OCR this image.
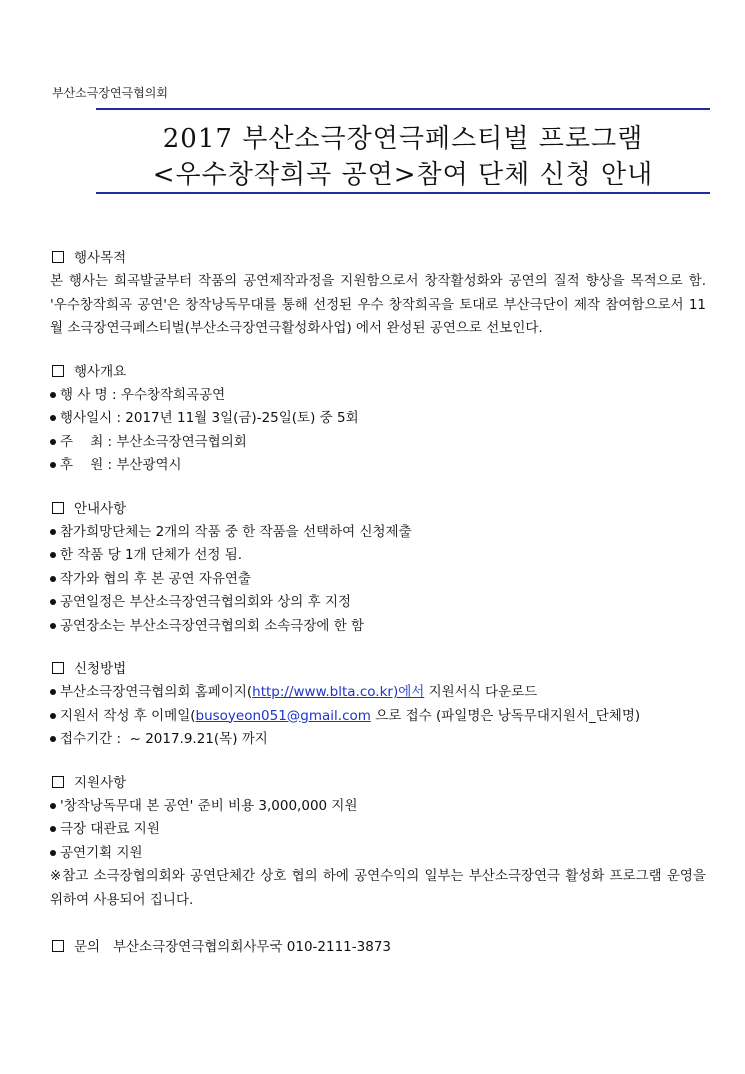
부산소극장연극협의회
2017 부산소극장연극페스티벌 프로그램
<우수창작희곡 공연>참여 단체 신청 안내
행사목적
본 행사는 희곡발굴부터 작품의 공연제작과정을 지원함으로서 창작활성화와 공연의 질적 향상을 목적으로 함. '우수창작희곡 공연'은 창작낭독무대를 통해 선정된 우수 창작희곡을 토대로 부산극단이 제작 참여함으로서 11월 소극장연극페스티벌(부산소극장연극활성화사업) 에서 완성된 공연으로 선보인다.
행사개요
행 사 명 : 우수창작희곡공연
행사일시 : 2017년 11월 3일(금)-25일(토) 중 5회
주    최 : 부산소극장연극협의회
후    원 : 부산광역시
안내사항
참가희망단체는 2개의 작품 중 한 작품을 선택하여 신청제출
한 작품 당 1개 단체가 선정 됨.
작가와 협의 후 본 공연 자유연출
공연일정은 부산소극장연극협의회와 상의 후 지정
공연장소는 부산소극장연극협의회 소속극장에 한 함
신청방법
부산소극장연극협의회 홈페이지(http://www.blta.co.kr)에서 지원서식 다운로드
지원서 작성 후 이메일(busoyeon051@gmail.com 으로 접수 (파일명은 낭독무대지원서_단체명)
접수기간 :  ~ 2017.9.21(목) 까지
지원사항
'창작낭독무대 본 공연' 준비 비용 3,000,000 지원
극장 대관료 지원
공연기획 지원
※참고 소극장협의회와 공연단체간 상호 협의 하에 공연수익의 일부는 부산소극장연극 활성화 프로그램 운영을 위하여 사용되어 집니다.
문의   부산소극장연극협의회사무국 010-2111-3873
